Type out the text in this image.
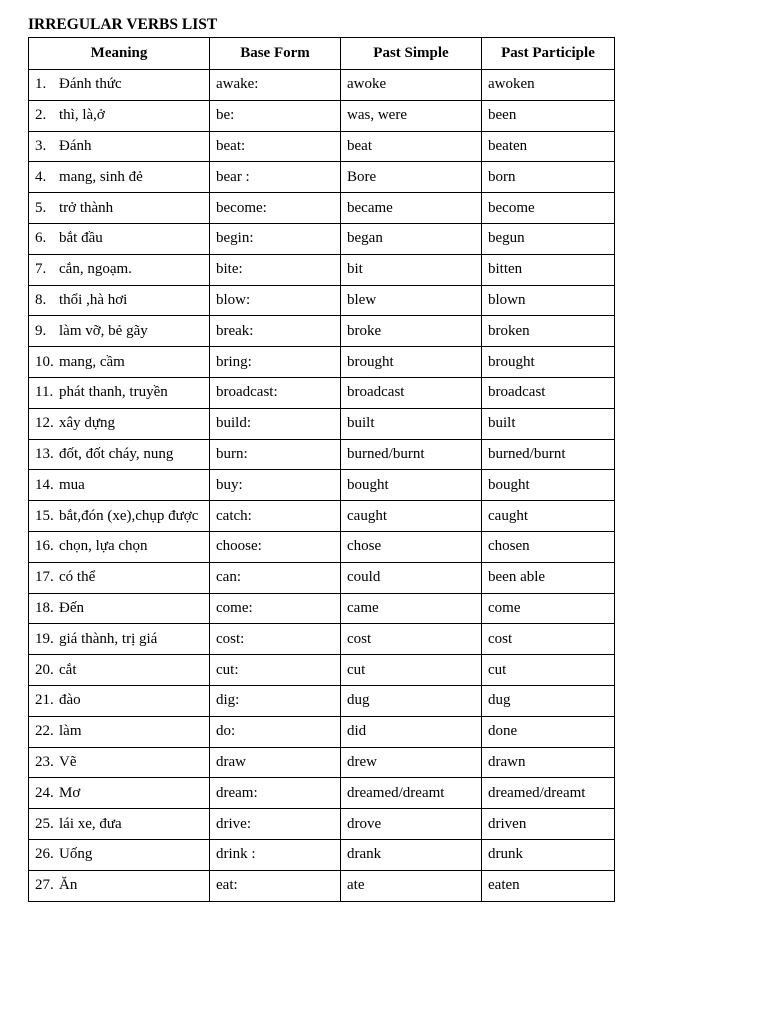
IRREGULAR VERBS LIST
Meaning	Base Form	Past Simple	Past Participle
1. Đánh thức	awake:	awoke	awoken
2. thì, là,ở	be:	was, were	been
3. Đánh	beat:	beat	beaten
4. mang, sinh đẻ	bear :	Bore	born
5. trở thành	become:	became	become
6. bắt đầu	begin:	began	begun
7. cắn, ngoạm.	bite:	bit	bitten
8. thổi ,hà hơi	blow:	blew	blown
9. làm vỡ, bẻ gãy	break:	broke	broken
10. mang, cầm	bring:	brought	brought
11. phát thanh, truyền	broadcast:	broadcast	broadcast
12. xây dựng	build:	built	built
13. đốt, đốt cháy, nung	burn:	burned/burnt	burned/burnt
14. mua	buy:	bought	bought
15. bắt,đón (xe),chụp được	catch:	caught	caught
16. chọn, lựa chọn	choose:	chose	chosen
17. có thể	can:	could	been able
18. Đến	come:	came	come
19. giá thành, trị giá	cost:	cost	cost
20. cắt	cut:	cut	cut
21. đào	dig:	dug	dug
22. làm	do:	did	done
23. Vẽ	draw	drew	drawn
24. Mơ	dream:	dreamed/dreamt	dreamed/dreamt
25. lái xe, đưa	drive:	drove	driven
26. Uống	drink :	drank	drunk
27. Ăn	eat:	ate	eaten
